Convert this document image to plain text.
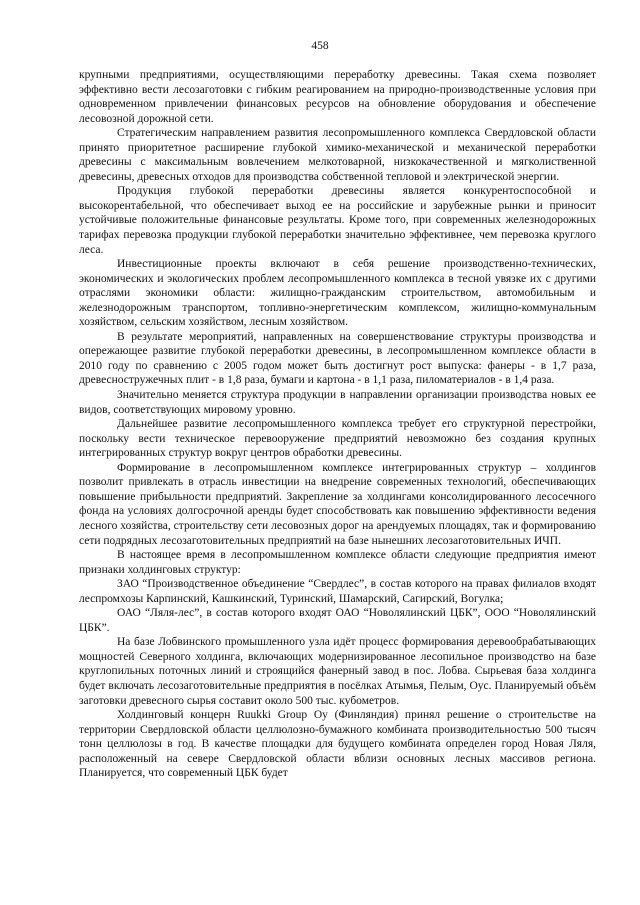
458

крупными предприятиями, осуществляющими переработку древесины. Такая схема позволяет эффективно вести лесозаготовки с гибким реагированием на природно-производственные условия при одновременном привлечении финансовых ресурсов на обновление оборудования и обеспечение лесовозной дорожной сети.

Стратегическим направлением развития лесопромышленного комплекса Свердловской области принято приоритетное расширение глубокой химико-механической и механической переработки древесины с максимальным вовлечением мелкотоварной, низкокачественной и мягколиственной древесины, древесных отходов для производства собственной тепловой и электрической энергии.

Продукция глубокой переработки древесины является конкурентоспособной и высокорентабельной, что обеспечивает выход ее на российские и зарубежные рынки и приносит устойчивые положительные финансовые результаты. Кроме того, при современных железнодорожных тарифах перевозка продукции глубокой переработки значительно эффективнее, чем перевозка круглого леса.

Инвестиционные проекты включают в себя решение производственно-технических, экономических и экологических проблем лесопромышленного комплекса в тесной увязке их с другими отраслями экономики области: жилищно-гражданским строительством, автомобильным и железнодорожным транспортом, топливно-энергетическим комплексом, жилищно-коммунальным хозяйством, сельским хозяйством, лесным хозяйством.

В результате мероприятий, направленных на совершенствование структуры производства и опережающее развитие глубокой переработки древесины, в лесопромышленном комплексе области в 2010 году по сравнению с 2005 годом может быть достигнут рост выпуска: фанеры - в 1,7 раза, древесностружечных плит - в 1,8 раза, бумаги и картона - в 1,1 раза, пиломатериалов - в 1,4 раза.

Значительно меняется структура продукции в направлении организации производства новых ее видов, соответствующих мировому уровню.

Дальнейшее развитие лесопромышленного комплекса требует его структурной перестройки, поскольку вести техническое перевооружение предприятий невозможно без создания крупных интегрированных структур вокруг центров обработки древесины.

Формирование в лесопромышленном комплексе интегрированных структур – холдингов позволит привлекать в отрасль инвестиции на внедрение современных технологий, обеспечивающих повышение прибыльности предприятий. Закрепление за холдингами консолидированного лесосечного фонда на условиях долгосрочной аренды будет способствовать как повышению эффективности ведения лесного хозяйства, строительству сети лесовозных дорог на арендуемых площадях, так и формированию сети подрядных лесозаготовительных предприятий на базе нынешних лесозаготовительных ИЧП.

В настоящее время в лесопромышленном комплексе области следующие предприятия имеют признаки холдинговых структур:

ЗАО “Производственное объединение “Свердлес”, в состав которого на правах филиалов входят леспромхозы Карпинский, Кашкинский, Туринский, Шамарский, Сагирский, Вогулка;

ОАО “Ляля-лес”, в состав которого входят ОАО “Новолялинский ЦБК”, ООО “Новолялинский ЦБК”.

На базе Лобвинского промышленного узла идёт процесс формирования деревообрабатывающих мощностей Северного холдинга, включающих модернизированное лесопильное производство на базе круглопильных поточных линий и строящийся фанерный завод в пос. Лобва. Сырьевая база холдинга будет включать лесозаготовительные предприятия в посёлках Атымья, Пелым, Оус. Планируемый объём заготовки древесного сырья составит около 500 тыс. кубометров.

Холдинговый концерн Ruukki Group Oy (Финляндия) принял решение о строительстве на территории Свердловской области целлюлозно-бумажного комбината производительностью 500 тысяч тонн целлюлозы в год. В качестве площадки для будущего комбината определен город Новая Ляля, расположенный на севере Свердловской области вблизи основных лесных массивов региона. Планируется, что современный ЦБК будет
